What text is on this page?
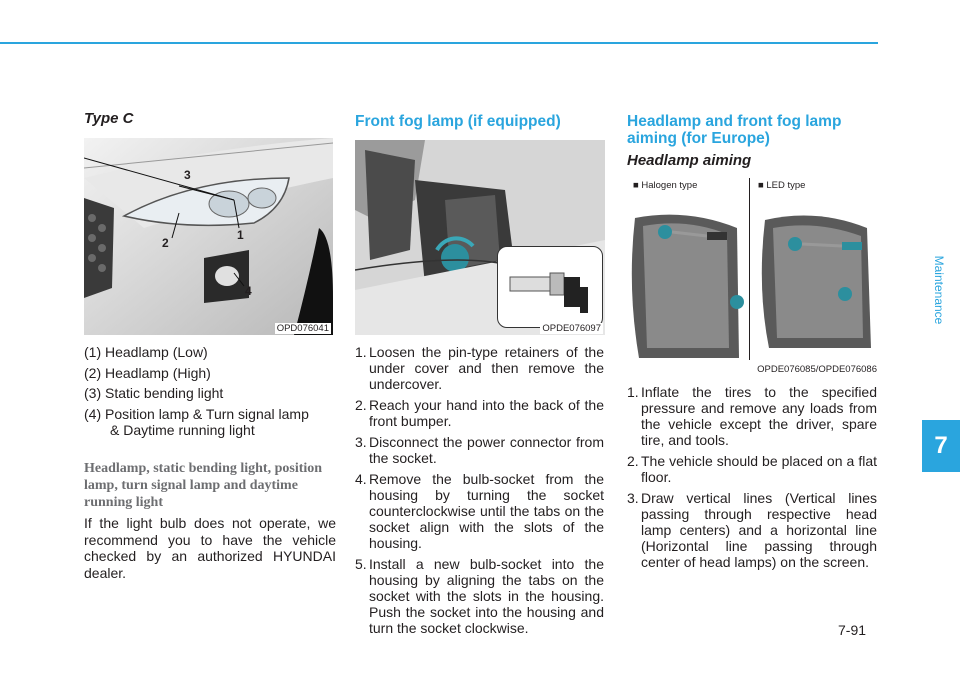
Type C
3
2
1
4
OPD076041
(1) Headlamp (Low)
(2) Headlamp (High)
(3) Static bending light
(4) Position lamp & Turn signal lamp
& Daytime running light
Headlamp, static bending light, position lamp, turn signal lamp and daytime running light
If the light bulb does not operate, we recommend you to have the vehicle checked by an authorized HYUNDAI dealer.
Front fog lamp (if equipped)
OPDE076097
1. Loosen the pin-type retainers of the under cover and then remove the undercover.
2. Reach your hand into the back of the front bumper.
3. Disconnect the power connector from the socket.
4. Remove the bulb-socket from the housing by turning the socket counterclockwise until the tabs on the socket align with the slots of the housing.
5. Install a new bulb-socket into the housing by aligning the tabs on the socket with the slots in the housing. Push the socket into the housing and turn the socket clockwise.
Headlamp and front fog lamp
aiming (for Europe)
Headlamp aiming
■ Halogen type	■ LED type
OPDE076085/OPDE076086
1. Inflate the tires to the specified pressure and remove any loads from the vehicle except the driver, spare tire, and tools.
2. The vehicle should be placed on a flat floor.
3. Draw vertical lines (Vertical lines passing through respective head lamp centers) and a horizontal line (Horizontal line passing through center of head lamps) on the screen.
Maintenance
7
7-91
